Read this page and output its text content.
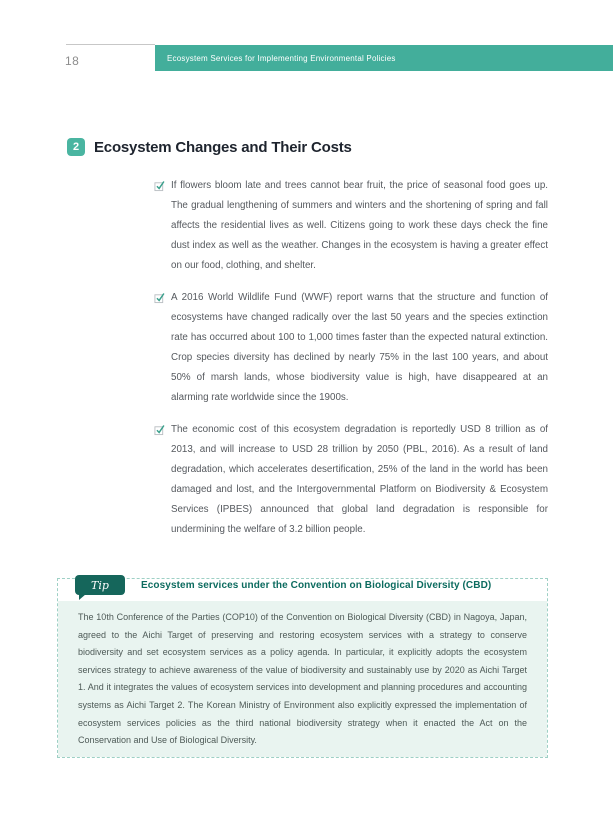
18	Ecosystem Services for Implementing Environmental Policies
2 Ecosystem Changes and Their Costs

If flowers bloom late and trees cannot bear fruit, the price of seasonal food goes up. The gradual lengthening of summers and winters and the shortening of spring and fall affects the residential lives as well. Citizens going to work these days check the fine dust index as well as the weather. Changes in the ecosystem is having a greater effect on our food, clothing, and shelter.

A 2016 World Wildlife Fund (WWF) report warns that the structure and function of ecosystems have changed radically over the last 50 years and the species extinction rate has occurred about 100 to 1,000 times faster than the expected natural extinction. Crop species diversity has declined by nearly 75% in the last 100 years, and about 50% of marsh lands, whose biodiversity value is high, have disappeared at an alarming rate worldwide since the 1900s.

The economic cost of this ecosystem degradation is reportedly USD 8 trillion as of 2013, and will increase to USD 28 trillion by 2050 (PBL, 2016). As a result of land degradation, which accelerates desertification, 25% of the land in the world has been damaged and lost, and the Intergovernmental Platform on Biodiversity & Ecosystem Services (IPBES) announced that global land degradation is responsible for undermining the welfare of 3.2 billion people.

Tip	Ecosystem services under the Convention on Biological Diversity (CBD)

The 10th Conference of the Parties (COP10) of the Convention on Biological Diversity (CBD) in Nagoya, Japan, agreed to the Aichi Target of preserving and restoring ecosystem services with a strategy to conserve biodiversity and set ecosystem services as a policy agenda. In particular, it explicitly adopts the ecosystem services strategy to achieve awareness of the value of biodiversity and sustainably use by 2020 as Aichi Target 1. And it integrates the values of ecosystem services into development and planning procedures and accounting systems as Aichi Target 2. The Korean Ministry of Environment also explicitly expressed the implementation of ecosystem services policies as the third national biodiversity strategy when it enacted the Act on the Conservation and Use of Biological Diversity.
